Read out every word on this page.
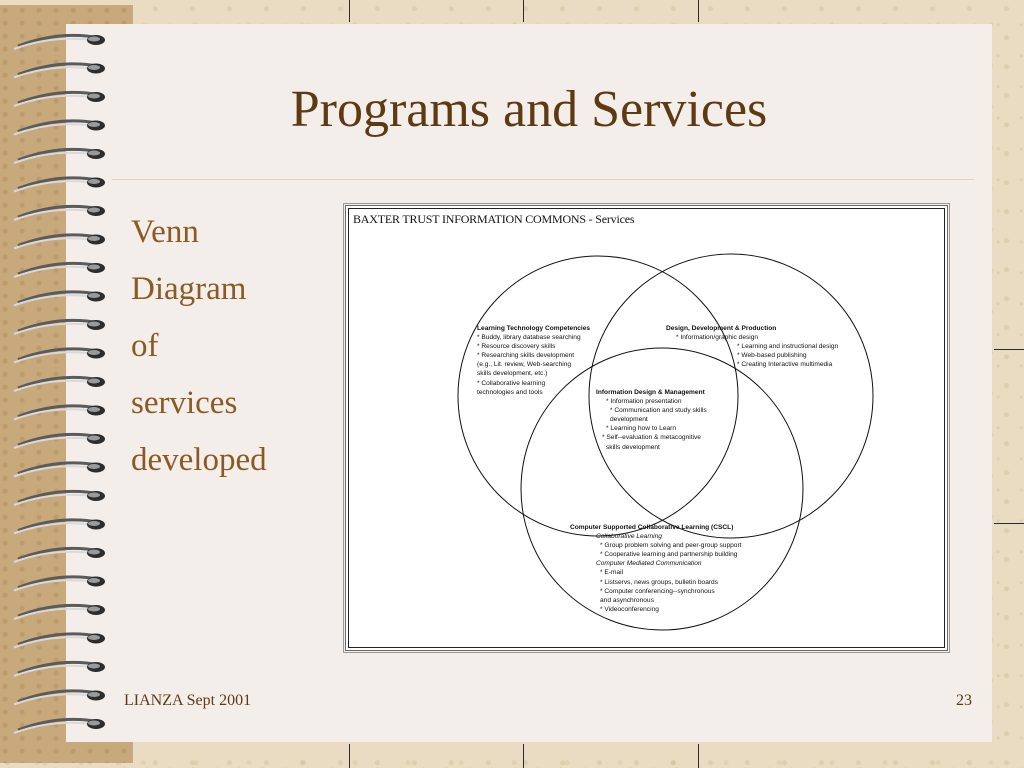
Programs and Services
Venn
Diagram
of
services
developed
BAXTER TRUST INFORMATION COMMONS - Services
Learning Technology Competencies
* Buddy, library database searching
* Resource discovery skills
* Researching skills development
(e.g., Lit. review, Web-searching
skills development, etc.)
* Collaborative learning
technologies and tools
Design, Development & Production
* Information/graphic design
* Learning and instructional design
* Web-based publishing
* Creating Interactive multimedia
Information Design & Management
* Information presentation
* Communication and study skills
development
* Learning how to Learn
* Self--evaluation & metacognitive
skills development
Computer Supported Collaborative Learning (CSCL)
Collaborative Learning
* Group problem solving and peer-group support
* Cooperative learning and partnership building
Computer Mediated Communication
* E-mail
* Listservs, news groups, bulletin boards
* Computer conferencing--synchronous
and asynchronous
* Videoconferencing
LIANZA Sept 2001	23
